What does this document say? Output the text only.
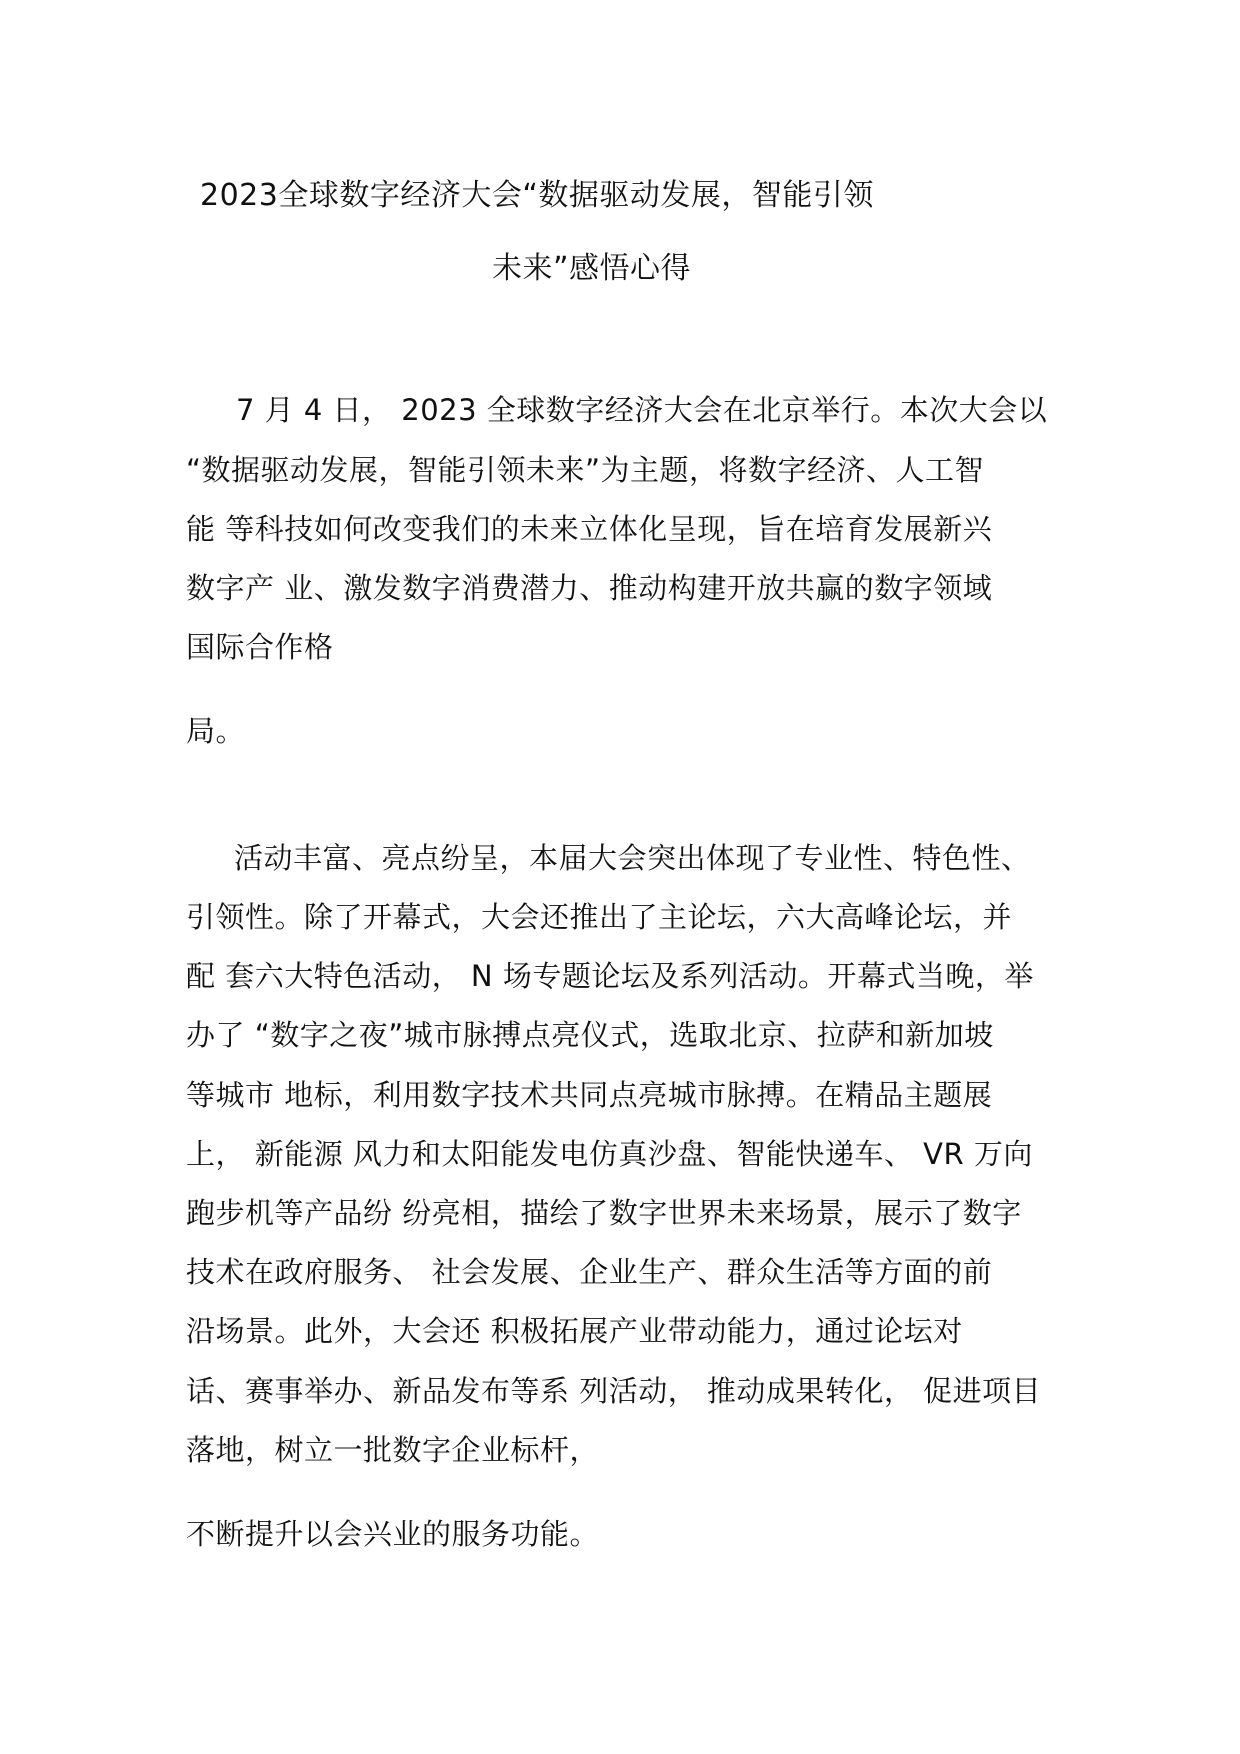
2023全球数字经济大会“数据驱动发展，智能引领
未来”感悟心得
7 月 4 日， 2023 全球数字经济大会在北京举行。本次大会以
“数据驱动发展，智能引领未来”为主题，将数字经济、人工智
能 等科技如何改变我们的未来立体化呈现，旨在培育发展新兴
数字产 业、激发数字消费潜力、推动构建开放共赢的数字领域
国际合作格
局。
活动丰富、亮点纷呈，本届大会突出体现了专业性、特色性、
引领性。除了开幕式，大会还推出了主论坛，六大高峰论坛，并
配 套六大特色活动， N 场专题论坛及系列活动。开幕式当晚，举
办了 “数字之夜”城市脉搏点亮仪式，选取北京、拉萨和新加坡
等城市 地标，利用数字技术共同点亮城市脉搏。在精品主题展
上， 新能源 风力和太阳能发电仿真沙盘、智能快递车、 VR 万向
跑步机等产品纷 纷亮相，描绘了数字世界未来场景，展示了数字
技术在政府服务、 社会发展、企业生产、群众生活等方面的前
沿场景。此外，大会还 积极拓展产业带动能力，通过论坛对
话、赛事举办、新品发布等系 列活动， 推动成果转化， 促进项目
落地，树立一批数字企业标杆，
不断提升以会兴业的服务功能。
